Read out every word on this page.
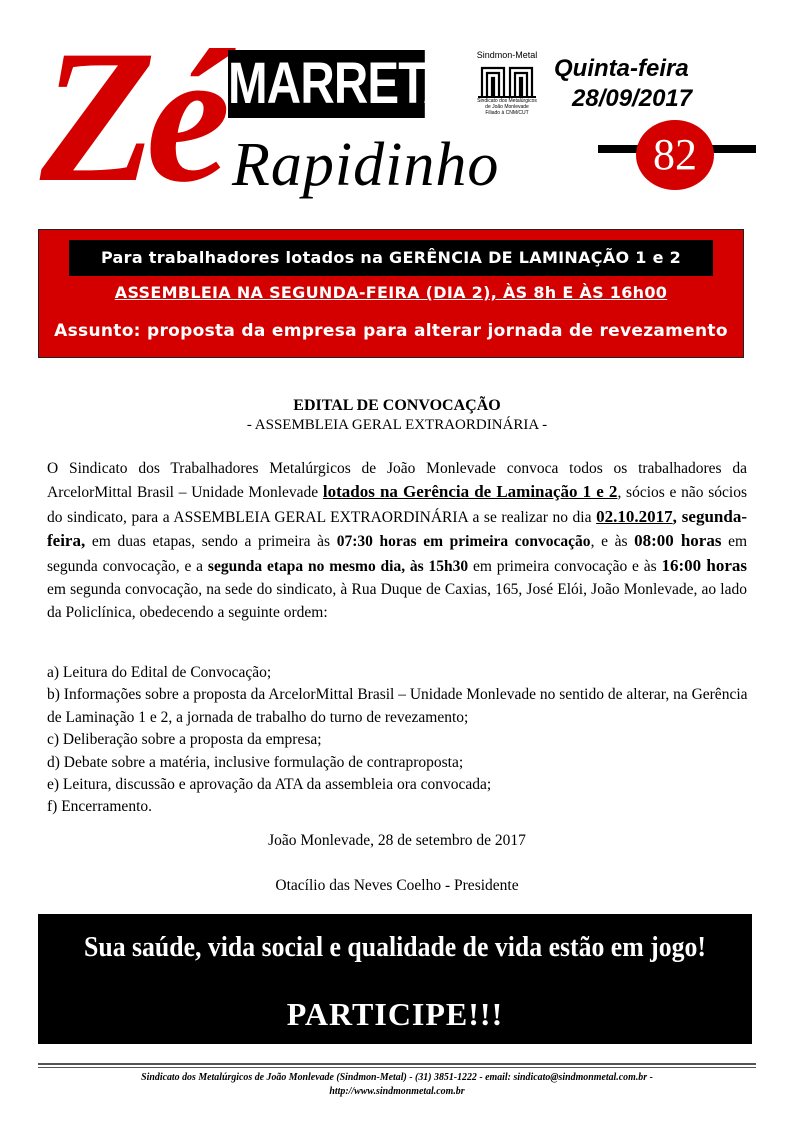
Zé MARRETA	Sindmon-Metal
Sindicato dos Metalúrgicos
de João Monlevade
Filiado à CNM/CUT
Quinta-feira
28/09/2017
Rapidinho	82
Para trabalhadores lotados na GERÊNCIA DE LAMINAÇÃO 1 e 2
ASSEMBLEIA NA SEGUNDA-FEIRA (DIA 2), ÀS 8h E ÀS 16h00
Assunto: proposta da empresa para alterar jornada de revezamento
EDITAL DE CONVOCAÇÃO
- ASSEMBLEIA GERAL EXTRAORDINÁRIA -

O Sindicato dos Trabalhadores Metalúrgicos de João Monlevade convoca todos os trabalhadores da ArcelorMittal Brasil – Unidade Monlevade lotados na Gerência de Laminação 1 e 2, sócios e não sócios do sindicato, para a ASSEMBLEIA GERAL EXTRAORDINÁRIA a se realizar no dia 02.10.2017, segunda-feira, em duas etapas, sendo a primeira às 07:30 horas em primeira convocação, e às 08:00 horas em segunda convocação, e a segunda etapa no mesmo dia, às 15h30 em primeira convocação e às 16:00 horas em segunda convocação, na sede do sindicato, à Rua Duque de Caxias, 165, José Elói, João Monlevade, ao lado da Policlínica, obedecendo a seguinte ordem:

a) Leitura do Edital de Convocação;
b) Informações sobre a proposta da ArcelorMittal Brasil – Unidade Monlevade no sentido de alterar, na Gerência de Laminação 1 e 2, a jornada de trabalho do turno de revezamento;
c) Deliberação sobre a proposta da empresa;
d) Debate sobre a matéria, inclusive formulação de contraproposta;
e) Leitura, discussão e aprovação da ATA da assembleia ora convocada;
f) Encerramento.
João Monlevade, 28 de setembro de 2017
Otacílio das Neves Coelho - Presidente
Sua saúde, vida social e qualidade de vida estão em jogo!
PARTICIPE!!!
Sindicato dos Metalúrgicos de João Monlevade (Sindmon-Metal) - (31) 3851-1222 - email: sindicato@sindmonmetal.com.br - http://www.sindmonmetal.com.br
